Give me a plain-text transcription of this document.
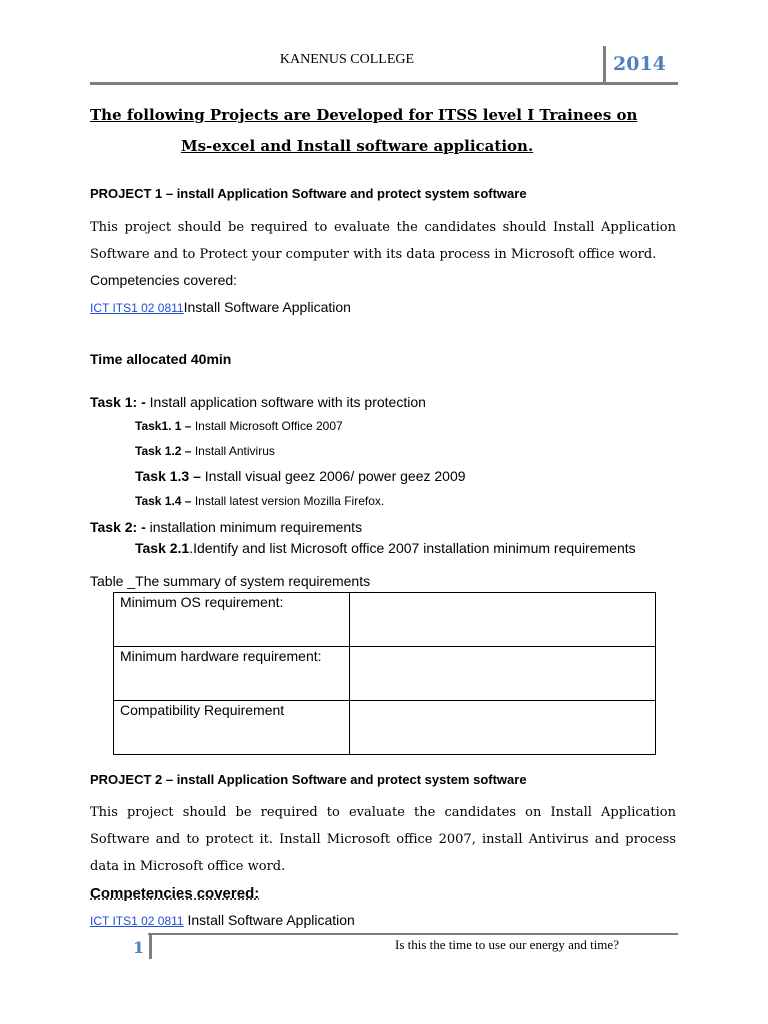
KANENUS COLLEGE	2014
The following Projects are Developed for ITSS level I Trainees on
Ms-excel and Install software application.
PROJECT 1 – install Application Software and protect system software
This project should be required to evaluate the candidates should Install Application Software and to Protect your computer with its data process in Microsoft office word.
Competencies covered:
ICT ITS1 02 0811Install Software Application
Time allocated 40min
Task 1: - Install application software with its protection
Task1. 1 – Install Microsoft Office 2007
Task 1.2 – Install Antivirus
Task 1.3 – Install visual geez 2006/ power geez 2009
Task 1.4 – Install latest version Mozilla Firefox.
Task 2: - installation minimum requirements
Task 2.1.Identify and list Microsoft office 2007 installation minimum requirements
Table _The summary of system requirements
Minimum OS requirement:	
Minimum hardware requirement:	
Compatibility Requirement	
PROJECT 2 – install Application Software and protect system software
This project should be required to evaluate the candidates on Install Application Software and to protect it. Install Microsoft office 2007, install Antivirus and process data in Microsoft office word.
Competencies covered:
ICT ITS1 02 0811 Install Software Application
1	Is this the time to use our energy and time?
